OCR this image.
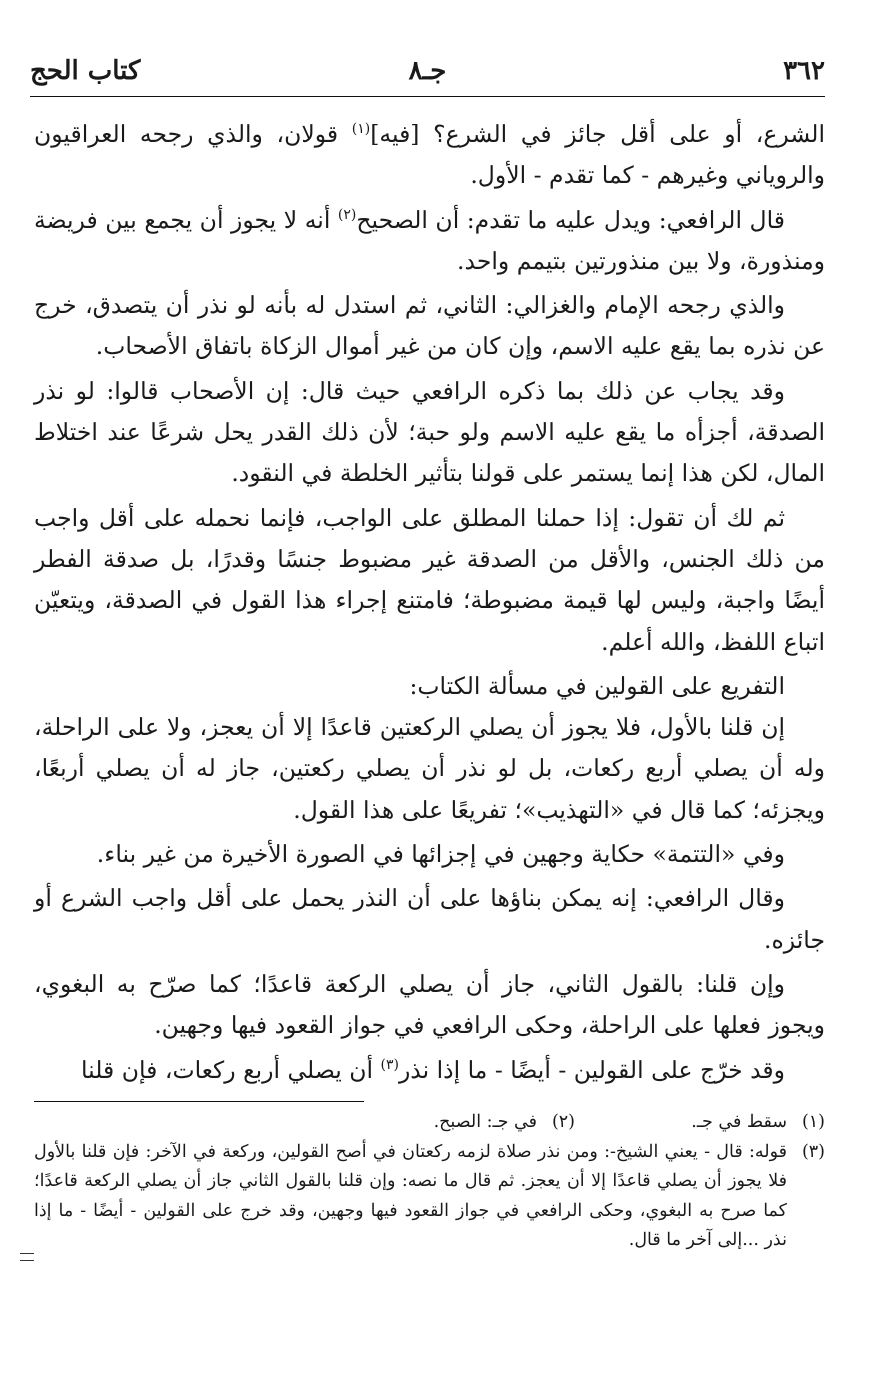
٣٦٢
جـ٨
كتاب الحج

الشرع، أو على أقل جائز في الشرع؟ [فيه]$^{(١)}$ قولان، والذي رجحه العراقيون والروياني وغيرهم - كما تقدم - الأول.

قال الرافعي: ويدل عليه ما تقدم: أن الصحيح$^{(٢)}$ أنه لا يجوز أن يجمع بين فريضة ومنذورة، ولا بين منذورتين بتيمم واحد.

والذي رجحه الإمام والغزالي: الثاني، ثم استدل له بأنه لو نذر أن يتصدق، خرج عن نذره بما يقع عليه الاسم، وإن كان من غير أموال الزكاة باتفاق الأصحاب.

وقد يجاب عن ذلك بما ذكره الرافعي حيث قال: إن الأصحاب قالوا: لو نذر الصدقة، أجزأه ما يقع عليه الاسم ولو حبة؛ لأن ذلك القدر يحل شرعًا عند اختلاط المال، لكن هذا إنما يستمر على قولنا بتأثير الخلطة في النقود.

ثم لك أن تقول: إذا حملنا المطلق على الواجب، فإنما نحمله على أقل واجب من ذلك الجنس، والأقل من الصدقة غير مضبوط جنسًا وقدرًا، بل صدقة الفطر أيضًا واجبة، وليس لها قيمة مضبوطة؛ فامتنع إجراء هذا القول في الصدقة، ويتعيّن اتباع اللفظ، والله أعلم.

التفريع على القولين في مسألة الكتاب:

إن قلنا بالأول، فلا يجوز أن يصلي الركعتين قاعدًا إلا أن يعجز، ولا على الراحلة، وله أن يصلي أربع ركعات، بل لو نذر أن يصلي ركعتين، جاز له أن يصلي أربعًا، ويجزئه؛ كما قال في «التهذيب»؛ تفريعًا على هذا القول.

وفي «التتمة» حكاية وجهين في إجزائها في الصورة الأخيرة من غير بناء.

وقال الرافعي: إنه يمكن بناؤها على أن النذر يحمل على أقل واجب الشرع أو جائزه.

وإن قلنا: بالقول الثاني، جاز أن يصلي الركعة قاعدًا؛ كما صرّح به البغوي، ويجوز فعلها على الراحلة، وحكى الرافعي في جواز القعود فيها وجهين.

وقد خرّج على القولين - أيضًا - ما إذا نذر$^{(٣)}$ أن يصلي أربع ركعات، فإن قلنا

(١)سقط في جـ.
(٢)في جـ: الصبح.

(٣)
قوله: قال - يعني الشيخ-: ومن نذر صلاة لزمه ركعتان في أصح القولين، وركعة في الآخر: فإن قلنا بالأول فلا يجوز أن يصلي قاعدًا إلا أن يعجز. ثم قال ما نصه: وإن قلنا بالقول الثاني جاز أن يصلي الركعة قاعدًا؛ كما صرح به البغوي، وحكى الرافعي في جواز القعود فيها وجهين، وقد خرج على القولين - أيضًا - ما إذا نذر ...إلى آخر ما قال.
